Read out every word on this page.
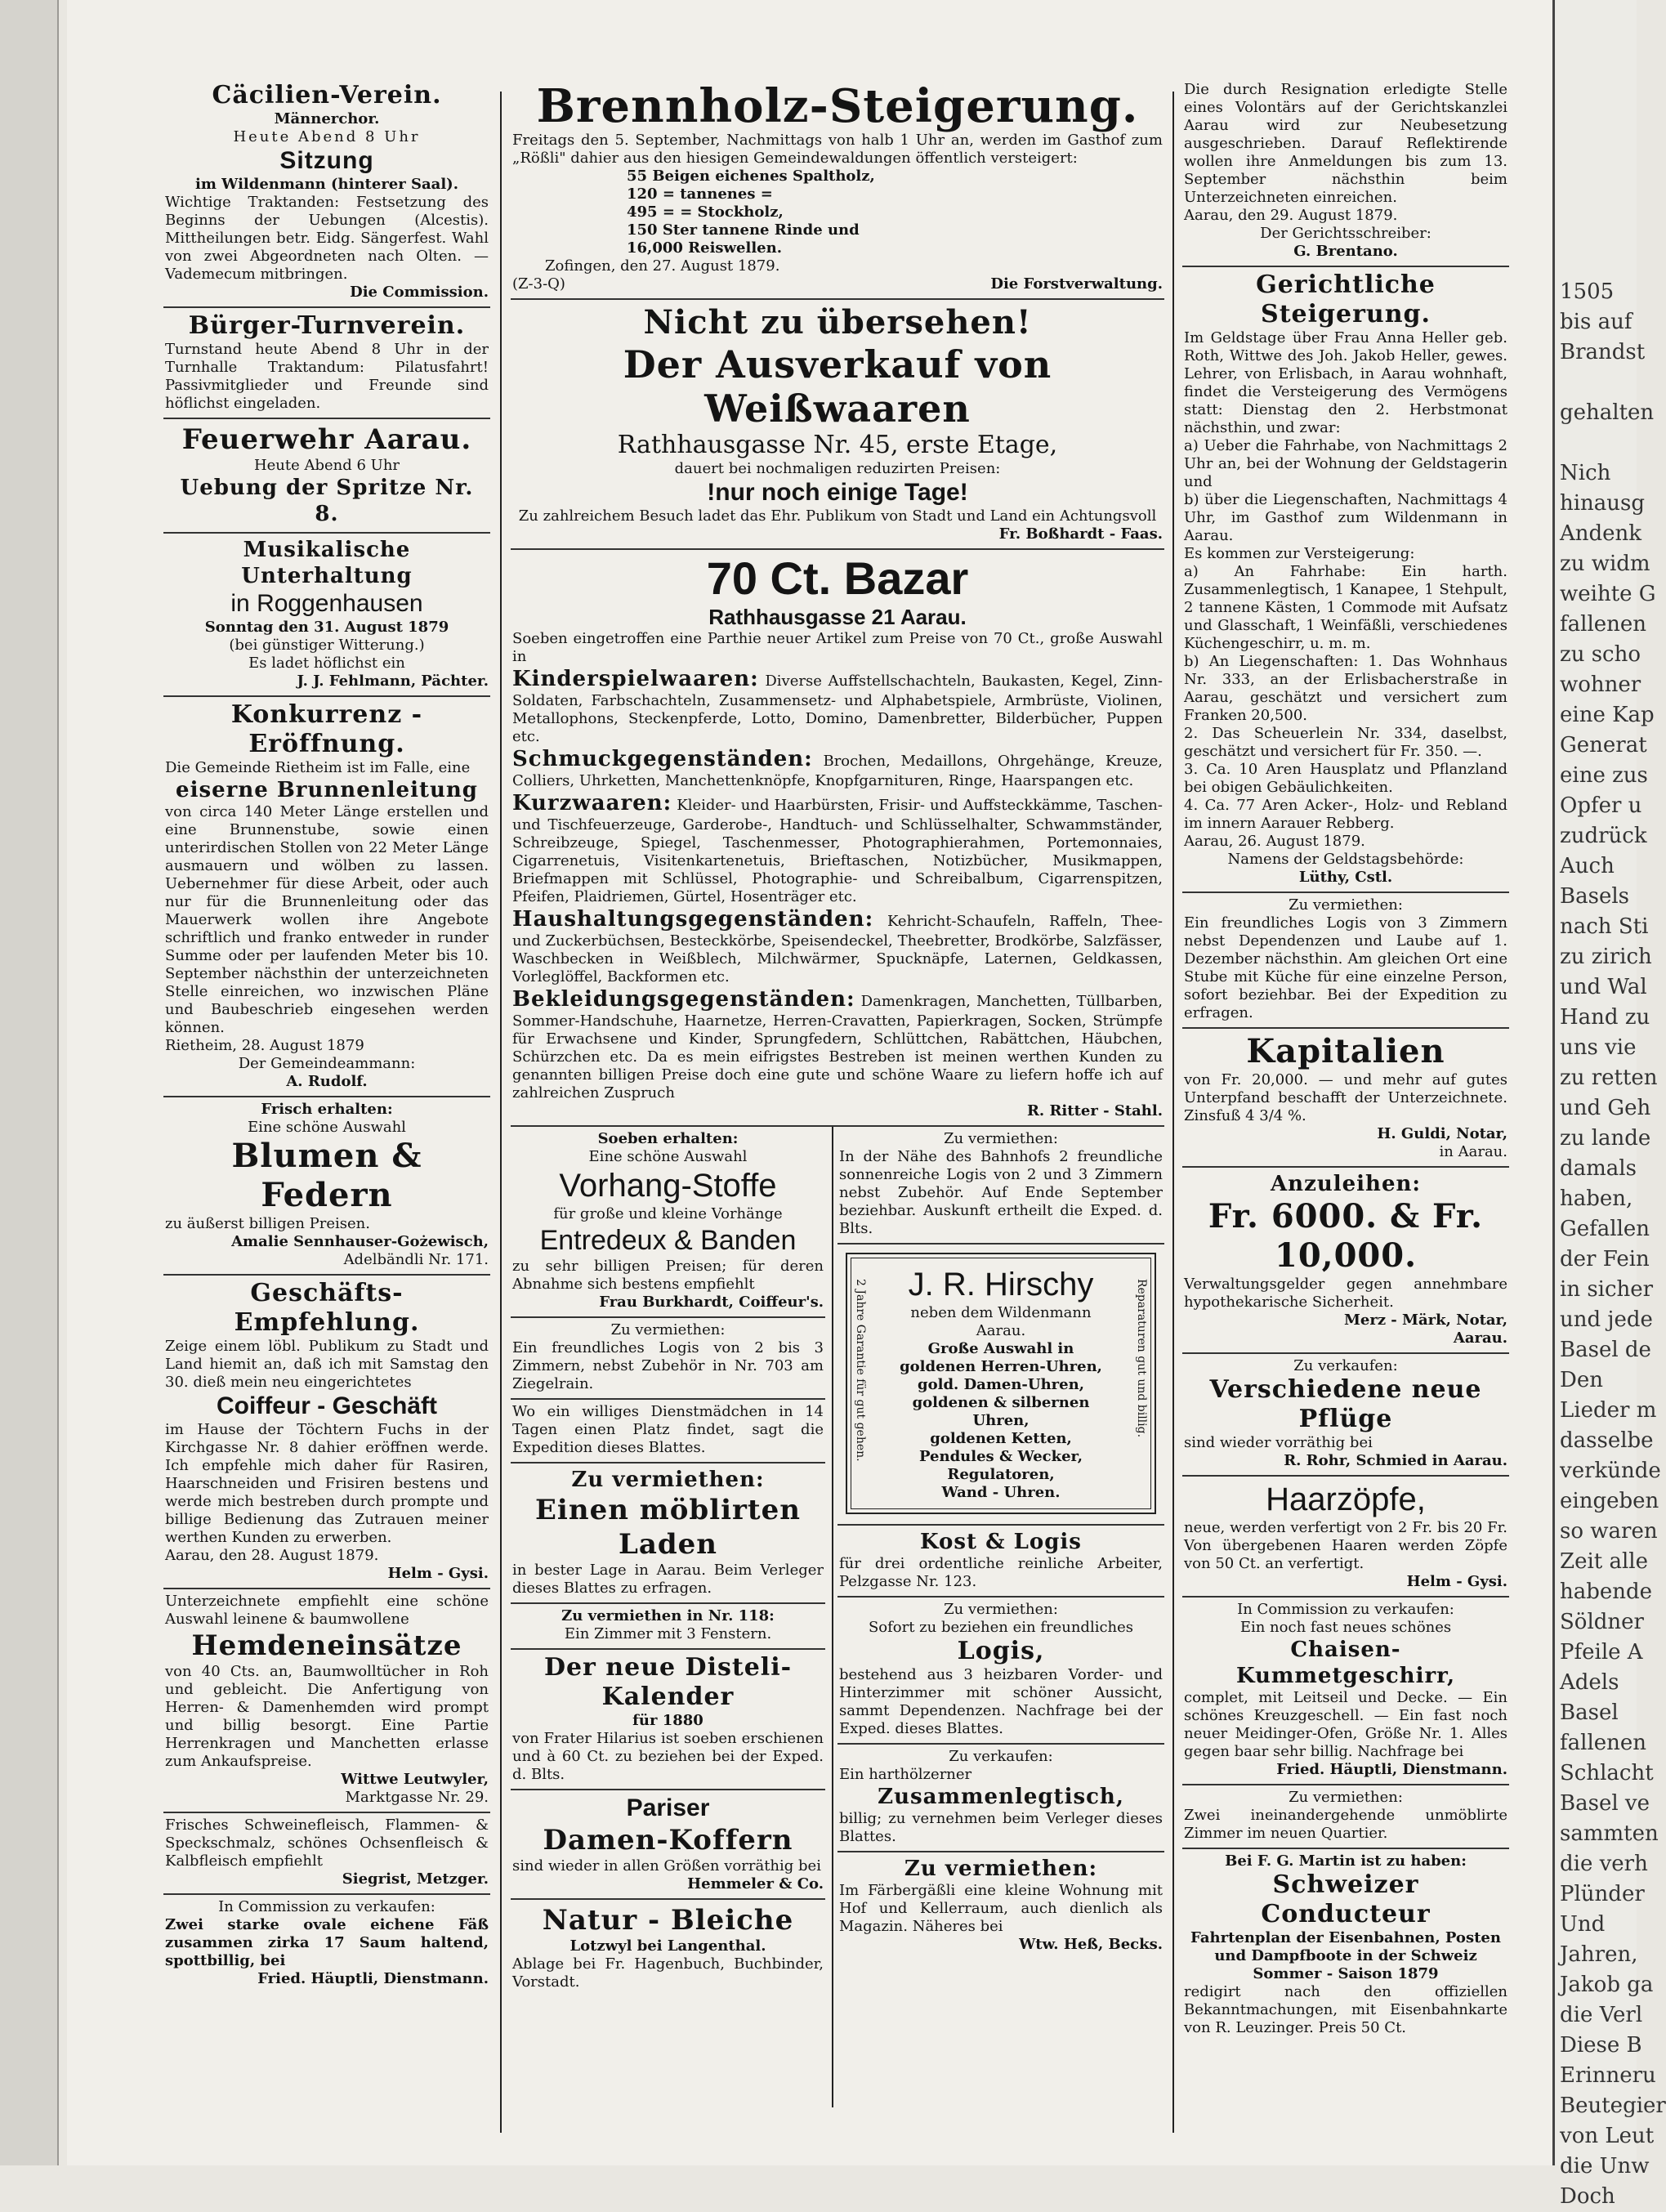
Cäcilien-Verein.
Männerchor.
Heute Abend 8 Uhr
Sitzung
im Wildenmann (hinterer Saal).
Wichtige Traktanden: Festsetzung des Beginns der Uebungen (Alcestis). Mittheilungen betr. Eidg. Sängerfest. Wahl von zwei Abgeordneten nach Olten. — Vademecum mitbringen.
Die Commission.
Bürger-Turnverein.
Turnstand heute Abend 8 Uhr in der Turnhalle Traktandum: Pilatusfahrt! Passivmitglieder und Freunde sind höflichst eingeladen.
Feuerwehr Aarau.
Heute Abend 6 Uhr
Uebung der Spritze Nr. 8.
Musikalische Unterhaltung
in Roggenhausen
Sonntag den 31. August 1879
(bei günstiger Witterung.)
Es ladet höflichst ein
J. J. Fehlmann, Pächter.
Konkurrenz - Eröffnung.
Die Gemeinde Rietheim ist im Falle, eine
eiserne Brunnenleitung
von circa 140 Meter Länge erstellen und eine Brunnenstube, sowie einen unterirdischen Stollen von 22 Meter Länge ausmauern und wölben zu lassen. Uebernehmer für diese Arbeit, oder auch nur für die Brunnenleitung oder das Mauerwerk wollen ihre Angebote schriftlich und franko entweder in runder Summe oder per laufenden Meter bis 10. September nächsthin der unterzeichneten Stelle einreichen, wo inzwischen Pläne und Baubeschrieb eingesehen werden können.
Rietheim, 28. August 1879
Der Gemeindeammann:
A. Rudolf.
Frisch erhalten:
Eine schöne Auswahl
Blumen & Federn
zu äußerst billigen Preisen.
Amalie Sennhauser-Gożewisch,
Adelbändli Nr. 171.
Geschäfts-Empfehlung.
Zeige einem löbl. Publikum zu Stadt und Land hiemit an, daß ich mit Samstag den 30. dieß mein neu eingerichtetes
Coiffeur - Geschäft
im Hause der Töchtern Fuchs in der Kirchgasse Nr. 8 dahier eröffnen werde. Ich empfehle mich daher für Rasiren, Haarschneiden und Frisiren bestens und werde mich bestreben durch prompte und billige Bedienung das Zutrauen meiner werthen Kunden zu erwerben.
Aarau, den 28. August 1879.
Helm - Gysi.
Unterzeichnete empfiehlt eine schöne Auswahl leinene & baumwollene
Hemdeneinsätze
von 40 Cts. an, Baumwolltücher in Roh und gebleicht. Die Anfertigung von Herren- & Damenhemden wird prompt und billig besorgt. Eine Partie Herrenkragen und Manchetten erlasse zum Ankaufspreise.
Wittwe Leutwyler,
Marktgasse Nr. 29.
Frisches Schweinefleisch, Flammen- & Speckschmalz, schönes Ochsenfleisch & Kalbfleisch empfiehlt
Siegrist, Metzger.
In Commission zu verkaufen:
Zwei starke ovale eichene Fäß zusammen zirka 17 Saum haltend, spottbillig, bei
Fried. Häuptli, Dienstmann.
Brennholz-Steigerung.
Freitags den 5. September, Nachmittags von halb 1 Uhr an, werden im Gasthof zum „Rößli" dahier aus den hiesigen Gemeindewaldungen öffentlich versteigert:
55 Beigen eichenes Spaltholz,
120 = tannenes =
495 = = Stockholz,
150 Ster tannene Rinde und
16,000 Reiswellen.
Zofingen, den 27. August 1879.
(Z-3-Q)	Die Forstverwaltung.
Nicht zu übersehen!
Der Ausverkauf von Weißwaaren
Rathhausgasse Nr. 45, erste Etage,
dauert bei nochmaligen reduzirten Preisen:
!nur noch einige Tage!
Zu zahlreichem Besuch ladet das Ehr. Publikum von Stadt und Land ein Achtungsvoll
Fr. Boßhardt - Faas.
70 Ct. Bazar
Rathhausgasse 21 Aarau.
Soeben eingetroffen eine Parthie neuer Artikel zum Preise von 70 Ct., große Auswahl in
Kinderspielwaaren: Diverse Auffstellschachteln, Baukasten, Kegel, Zinn-Soldaten, Farbschachteln, Zusammensetz- und Alphabetspiele, Armbrüste, Violinen, Metallophons, Steckenpferde, Lotto, Domino, Damenbretter, Bilderbücher, Puppen etc.
Schmuckgegenständen: Brochen, Medaillons, Ohrgehänge, Kreuze, Colliers, Uhrketten, Manchettenknöpfe, Knopfgarnituren, Ringe, Haarspangen etc.
Kurzwaaren: Kleider- und Haarbürsten, Frisir- und Auffsteckkämme, Taschen- und Tischfeuerzeuge, Garderobe-, Handtuch- und Schlüsselhalter, Schwammständer, Schreibzeuge, Spiegel, Taschenmesser, Photographierahmen, Portemonnaies, Cigarrenetuis, Visitenkartenetuis, Brieftaschen, Notizbücher, Musikmappen, Briefmappen mit Schlüssel, Photographie- und Schreibalbum, Cigarrenspitzen, Pfeifen, Plaidriemen, Gürtel, Hosenträger etc.
Haushaltungsgegenständen: Kehricht-Schaufeln, Raffeln, Thee- und Zuckerbüchsen, Besteckkörbe, Speisendeckel, Theebretter, Brodkörbe, Salzfässer, Waschbecken in Weißblech, Milchwärmer, Spucknäpfe, Laternen, Geldkassen, Vorleglöffel, Backformen etc.
Bekleidungsgegenständen: Damenkragen, Manchetten, Tüllbarben, Sommer-Handschuhe, Haarnetze, Herren-Cravatten, Papierkragen, Socken, Strümpfe für Erwachsene und Kinder, Sprungfedern, Schlüttchen, Rabättchen, Häubchen, Schürzchen etc. Da es mein eifrigstes Bestreben ist meinen werthen Kunden zu genannten billigen Preise doch eine gute und schöne Waare zu liefern hoffe ich auf zahlreichen Zuspruch
R. Ritter - Stahl.
Soeben erhalten:
Eine schöne Auswahl
Vorhang-Stoffe
für große und kleine Vorhänge
Entredeux & Banden
zu sehr billigen Preisen; für deren Abnahme sich bestens empfiehlt
Frau Burkhardt, Coiffeur's.
Zu vermiethen:
Ein freundliches Logis von 2 bis 3 Zimmern, nebst Zubehör in Nr. 703 am Ziegelrain.
Wo ein williges Dienstmädchen in 14 Tagen einen Platz findet, sagt die Expedition dieses Blattes.
Zu vermiethen:
Einen möblirten Laden
in bester Lage in Aarau. Beim Verleger dieses Blattes zu erfragen.
Zu vermiethen in Nr. 118:
Ein Zimmer mit 3 Fenstern.
Der neue Disteli-Kalender
für 1880
von Frater Hilarius ist soeben erschienen und à 60 Ct. zu beziehen bei der Exped. d. Blts.
Pariser
Damen-Koffern
sind wieder in allen Größen vorräthig bei
Hemmeler & Co.
Natur - Bleiche
Lotzwyl bei Langenthal.
Ablage bei Fr. Hagenbuch, Buchbinder, Vorstadt.
Zu vermiethen:
In der Nähe des Bahnhofs 2 freundliche sonnenreiche Logis von 2 und 3 Zimmern nebst Zubehör. Auf Ende September beziehbar. Auskunft ertheilt die Exped. d. Blts.
2 Jahre Garantie für gut gehen.	Reparaturen gut und billig.
J. R. Hirschy
neben dem Wildenmann Aarau.
Große Auswahl in
goldenen Herren-Uhren,
gold. Damen-Uhren,
goldenen & silbernen Uhren,
goldenen Ketten,
Pendules & Wecker,
Regulatoren,
Wand - Uhren.
Kost & Logis
für drei ordentliche reinliche Arbeiter, Pelzgasse Nr. 123.
Zu vermiethen:
Sofort zu beziehen ein freundliches
Logis,
bestehend aus 3 heizbaren Vorder- und Hinterzimmer mit schöner Aussicht, sammt Dependenzen. Nachfrage bei der Exped. dieses Blattes.
Zu verkaufen:
Ein harthölzerner
Zusammenlegtisch,
billig; zu vernehmen beim Verleger dieses Blattes.
Zu vermiethen:
Im Färbergäßli eine kleine Wohnung mit Hof und Kellerraum, auch dienlich als Magazin. Näheres bei
Wtw. Heß, Becks.
Die durch Resignation erledigte Stelle eines Volontärs auf der Gerichtskanzlei Aarau wird zur Neubesetzung ausgeschrieben. Darauf Reflektirende wollen ihre Anmeldungen bis zum 13. September nächsthin beim Unterzeichneten einreichen.
Aarau, den 29. August 1879.
Der Gerichtsschreiber:
G. Brentano.
Gerichtliche Steigerung.
Im Geldstage über Frau Anna Heller geb. Roth, Wittwe des Joh. Jakob Heller, gewes. Lehrer, von Erlisbach, in Aarau wohnhaft, findet die Versteigerung des Vermögens statt: Dienstag den 2. Herbstmonat nächsthin, und zwar:
a) Ueber die Fahrhabe, von Nachmittags 2 Uhr an, bei der Wohnung der Geldstagerin und
b) über die Liegenschaften, Nachmittags 4 Uhr, im Gasthof zum Wildenmann in Aarau.
Es kommen zur Versteigerung:
a) An Fahrhabe: Ein harth. Zusammenlegtisch, 1 Kanapee, 1 Stehpult, 2 tannene Kästen, 1 Commode mit Aufsatz und Glasschaft, 1 Weinfäßli, verschiedenes Küchengeschirr, u. m. m.
b) An Liegenschaften: 1. Das Wohnhaus Nr. 333, an der Erlisbacherstraße in Aarau, geschätzt und versichert zum Franken 20,500.
2. Das Scheuerlein Nr. 334, daselbst, geschätzt und versichert für Fr. 350. —.
3. Ca. 10 Aren Hausplatz und Pflanzland bei obigen Gebäulichkeiten.
4. Ca. 77 Aren Acker-, Holz- und Rebland im innern Aarauer Rebberg.
Aarau, 26. August 1879.
Namens der Geldstagsbehörde:
Lüthy, Cstl.
Zu vermiethen:
Ein freundliches Logis von 3 Zimmern nebst Dependenzen und Laube auf 1. Dezember nächsthin. Am gleichen Ort eine Stube mit Küche für eine einzelne Person, sofort beziehbar. Bei der Expedition zu erfragen.
Kapitalien
von Fr. 20,000. — und mehr auf gutes Unterpfand beschafft der Unterzeichnete. Zinsfuß 4 3/4 %.
H. Guldi, Notar,
in Aarau.
Anzuleihen:
Fr. 6000. & Fr. 10,000.
Verwaltungsgelder gegen annehmbare hypothekarische Sicherheit.
Merz - Märk, Notar,
Aarau.
Zu verkaufen:
Verschiedene neue Pflüge
sind wieder vorräthig bei
R. Rohr, Schmied in Aarau.
Haarzöpfe,
neue, werden verfertigt von 2 Fr. bis 20 Fr. Von übergebenen Haaren werden Zöpfe von 50 Ct. an verfertigt.
Helm - Gysi.
In Commission zu verkaufen:
Ein noch fast neues schönes
Chaisen-Kummetgeschirr,
complet, mit Leitseil und Decke. — Ein schönes Kreuzgeschell. — Ein fast noch neuer Meidinger-Ofen, Größe Nr. 1. Alles gegen baar sehr billig. Nachfrage bei
Fried. Häuptli, Dienstmann.
Zu vermiethen:
Zwei ineinandergehende unmöblirte Zimmer im neuen Quartier.
Bei F. G. Martin ist zu haben:
Schweizer Conducteur
Fahrtenplan der Eisenbahnen, Posten und Dampfboote in der Schweiz
Sommer - Saison 1879
redigirt nach den offiziellen Bekanntmachungen, mit Eisenbahnkarte von R. Leuzinger. Preis 50 Ct.

1505
bis auf
Brandst

gehalten

Nich
hinausg
Andenk
zu widm
weihte G
fallenen
zu scho
wohner
eine Kap
Generat
eine zus
Opfer u
zudrück
Auch
Basels
nach Sti
zu zirich
und Wal
Hand zu
uns vie
zu retten
und Geh
zu lande
damals
haben,
Gefallen
der Fein
in sicher
und jede
Basel de
Den
Lieder m
dasselbe
verkünde
eingeben
so waren
Zeit alle
habende
Söldner
Pfeile A
Adels
Basel
fallenen
Schlacht
Basel ve
sammten
die verh
Plünder
Und
Jahren,
Jakob ga
die Verl
Diese B
Erinneru
Beutegier
von Leut
die Unw
Doch
